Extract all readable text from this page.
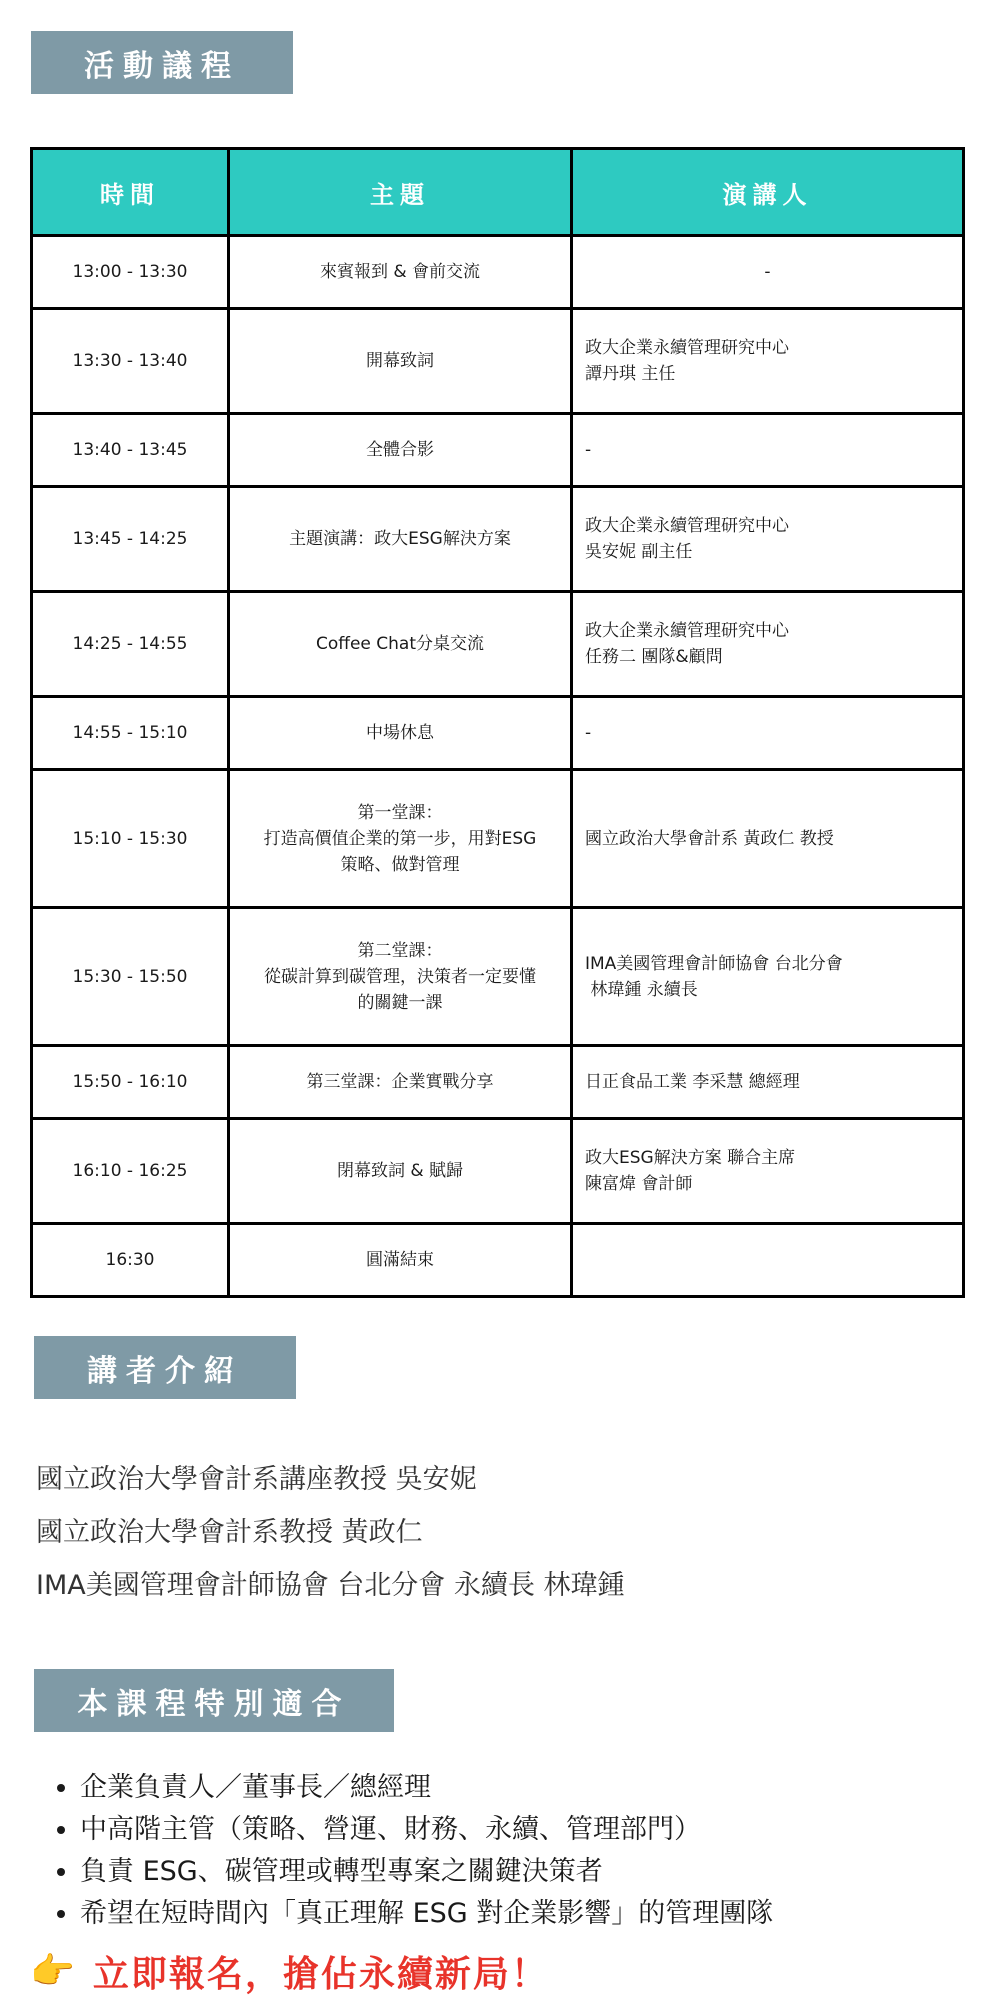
活動議程
時間	主題	演講人
13:00 - 13:30	來賓報到 & 會前交流	-

13:30 - 13:40	開幕致詞	政大企業永續管理研究中心
譚丹琪 主任

13:40 - 13:45	全體合影	-

13:45 - 14:25	主題演講：政大ESG解決方案	政大企業永續管理研究中心
吳安妮 副主任

14:25 - 14:55	Coffee Chat分桌交流	政大企業永續管理研究中心
任務二 團隊&顧問

14:55 - 15:10	中場休息	-

15:10 - 15:30	第一堂課：
打造高價值企業的第一步，用對ESG
策略、做對管理	國立政治大學會計系 黃政仁 教授

15:30 - 15:50	第二堂課：
從碳計算到碳管理，決策者一定要懂
的關鍵一課	IMA美國管理會計師協會 台北分會
林瑋鍾 永續長

15:50 - 16:10	第三堂課：企業實戰分享	日正食品工業 李采慧 總經理

16:10 - 16:25	閉幕致詞 & 賦歸	政大ESG解決方案 聯合主席
陳富煒 會計師

16:30	圓滿結束	

講者介紹
國立政治大學會計系講座教授 吳安妮
國立政治大學會計系教授 黃政仁
IMA美國管理會計師協會 台北分會 永續長 林瑋鍾
本課程特別適合
• 企業負責人／董事長／總經理
• 中高階主管（策略、營運、財務、永續、管理部門）
• 負責 ESG、碳管理或轉型專案之關鍵決策者
• 希望在短時間內「真正理解 ESG 對企業影響」的管理團隊
👉 立即報名，搶佔永續新局！
